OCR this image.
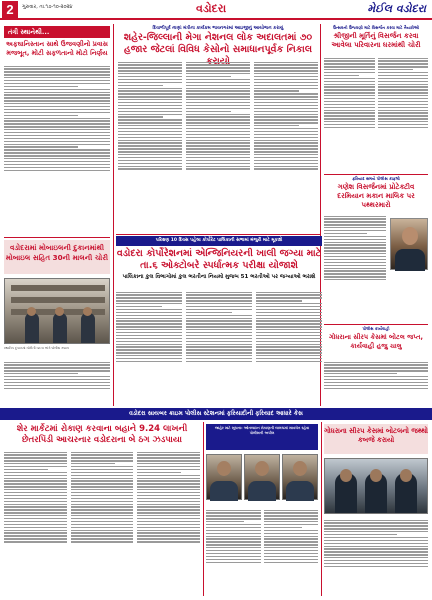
2	ગુરુવાર, તા.૧૭-૧૦-૨૦૨૪	વડોદરા	મેઈલ વડોદરા
તંત્રી સ્થાનેથી...
અફઘાનિસ્તાન સાથે ઉજવણીનો પ્રવાસ મજબૂત, મોટી સફળતાનો મોટો નિર્ણય
દિવાળીપૂર્વ નાણાં મંત્રીના કાર્યક્રમ ભાવનગરમાં આઇજીનું આયોજન કરાયું
શહેર-જિલ્લાની મેગા નેશનલ લોક અદાલતમાં ૭૦ હજાર જેટલાં વિવિધ કેસોનો સમાધાનપૂર્વક નિકાલ
ઉત્સવની ઉજવણી માટે વિસર્જન કરવા માટે તૈયારીઓ
શ્રીજીની મૂર્તિનું વિસર્જન કરવા આવેલા પરિવારના ઘરમાંથી ચોરી
ફરિયાદ સમયે પોલીસ કાફલો
ગણેશ વિસર્જનમાં પ્રોટેક્ટીવ દરમિયાન મકાન માલિક પર પથ્થરમારો
વડોદરામાં મોબાઇલની દુકાનમાંથી મોબાઇલ સહિત 30ની માલની ચોરી
સ્થાનિક દુકાનમાં ચોરીની ઘટના અંગે પોલીસ તપાસ
પરિક્ષણ 10 દિવસ પહેલા કોર્પોરેટ પાલિકાની સભામાં મંજુરી માટે મૂકાશે
વડોદરા કોર્પોરેશનમાં એન્જિનિયરની ખાલી જગ્યા માટે તા.૬ ઓક્ટોબરે સ્પર્ધાત્મક પરીક્ષા યોજાશે
પાલિકાના કુલ વિભાગોમાં કુલ ભરતીના નિયમો મુજબ 51 ભરતીઓ પર જગ્યાઓ ભરાશે
પોલીસ કાર્યવાહી
ગોધરાના સીરપ કેસમાં બોટલ જપ્ત, કાર્યવાહી હજુ ચાલુ
વડોદરા સાયબર ક્રાઇમ પોલીસ સ્ટેશનમાં ફરિયાદીની ફરિયાદ આધારે કેસ
શેર માર્કેટમાં રોકાણ કરવાના બહાને 9.24 લાખની છેતરપિંડી આચરનાર વડોદરાના બે ઠગ ઝડપાયા
જાહેર માટે સૂચના: ઓનલાઇન રોકાણની લાલચમાં સાવચેત રહેવા પોલીસની અપીલ	ગોધરાના સીરપ કેસમાં બોટલનો જથ્થો કબજે કરાયો
